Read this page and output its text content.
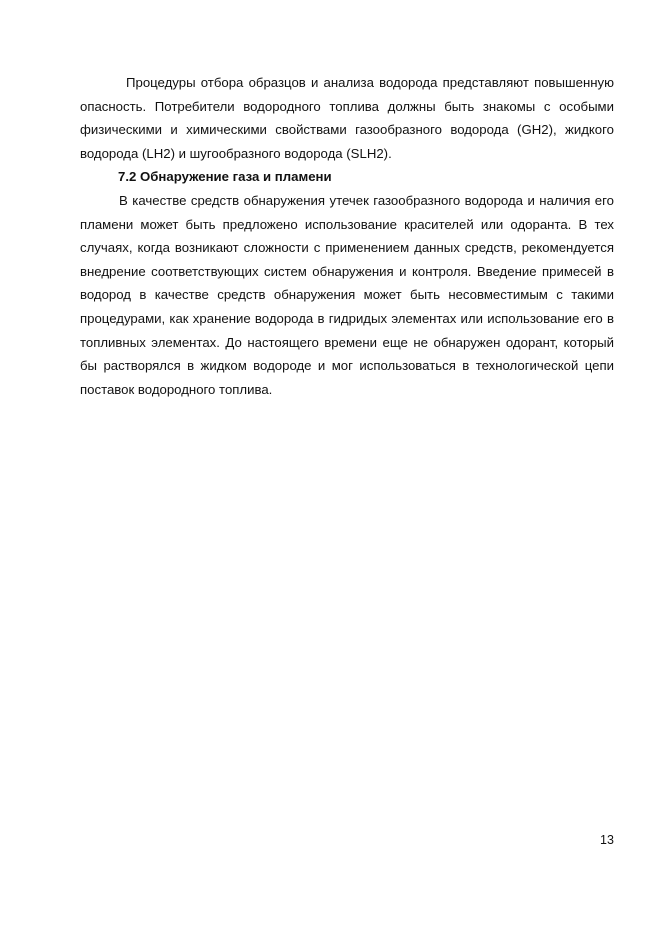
Процедуры отбора образцов и анализа водорода представляют повышенную опасность. Потребители водородного топлива должны быть знакомы с особыми физическими и химическими свойствами газообразного водорода (GH2), жидкого водорода (LH2) и шугообразного водорода (SLH2).

7.2 Обнаружение газа и пламени

В качестве средств обнаружения утечек газообразного водорода и наличия его пламени может быть предложено использование красителей или одоранта. В тех случаях, когда возникают сложности с применением данных средств, рекомендуется внедрение соответствующих систем обнаружения и контроля. Введение примесей в водород в качестве средств обнаружения может быть несовместимым с такими процедурами, как хранение водорода в гидридых элементах или использование его в топливных элементах. До настоящего времени еще не обнаружен одорант, который бы растворялся в жидком водороде и мог использоваться в технологической цепи поставок водородного топлива.

13
